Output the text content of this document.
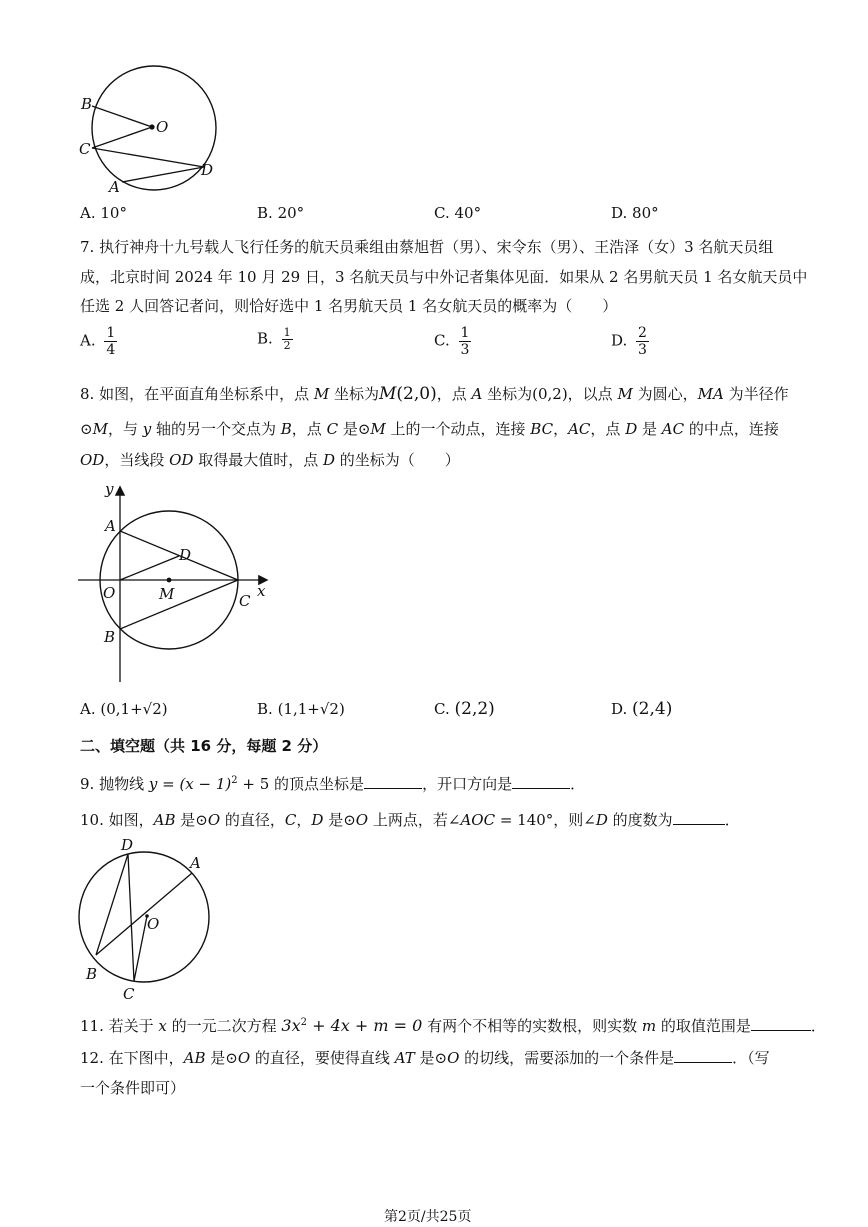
B
O
C
D
A
A. 10°	B. 20°	C. 40°	D. 80°
7. 执行神舟十九号载人飞行任务的航天员乘组由蔡旭哲（男）、宋令东（男）、王浩泽（女）3 名航天员组
成，北京时间 2024 年 10 月 29 日，3 名航天员与中外记者集体见面．如果从 2 名男航天员 1 名女航天员中
任选 2 人回答记者问，则恰好选中 1 名男航天员 1 名女航天员的概率为（　　）
A. $\frac{1}{4}$	B. $\frac{1}{2}$	C. $\frac{1}{3}$	D. $\frac{2}{3}$
8. 如图，在平面直角坐标系中，点 M 坐标为M(2,0)，点 A 坐标为(0,2)，以点 M 为圆心，MA 为半径作
⊙M，与 y 轴的另一个交点为 B，点 C 是⊙M 上的一个动点，连接 BC，AC，点 D 是 AC 的中点，连接
OD，当线段 OD 取得最大值时，点 D 的坐标为（　　）
y
A
D
O	M	C
x
B
A. (0,1+√2)	B. (1,1+√2)	C. (2,2)	D. (2,4)
二、填空题（共 16 分，每题 2 分）
9. 抛物线 $y = (x - 1)^2 + 5$ 的顶点坐标是	，开口方向是	．
10. 如图，AB 是⊙O 的直径，C，D 是⊙O 上两点，若∠AOC = 140°，则∠D 的度数为	．
D
A
O
B
C
11. 若关于 x 的一元二次方程 $3x^2 + 4x + m = 0$ 有两个不相等的实数根，则实数 m 的取值范围是	．
12. 在下图中，AB 是⊙O 的直径，要使得直线 AT 是⊙O 的切线，需要添加的一个条件是	．（写
一个条件即可）
第2页/共25页
